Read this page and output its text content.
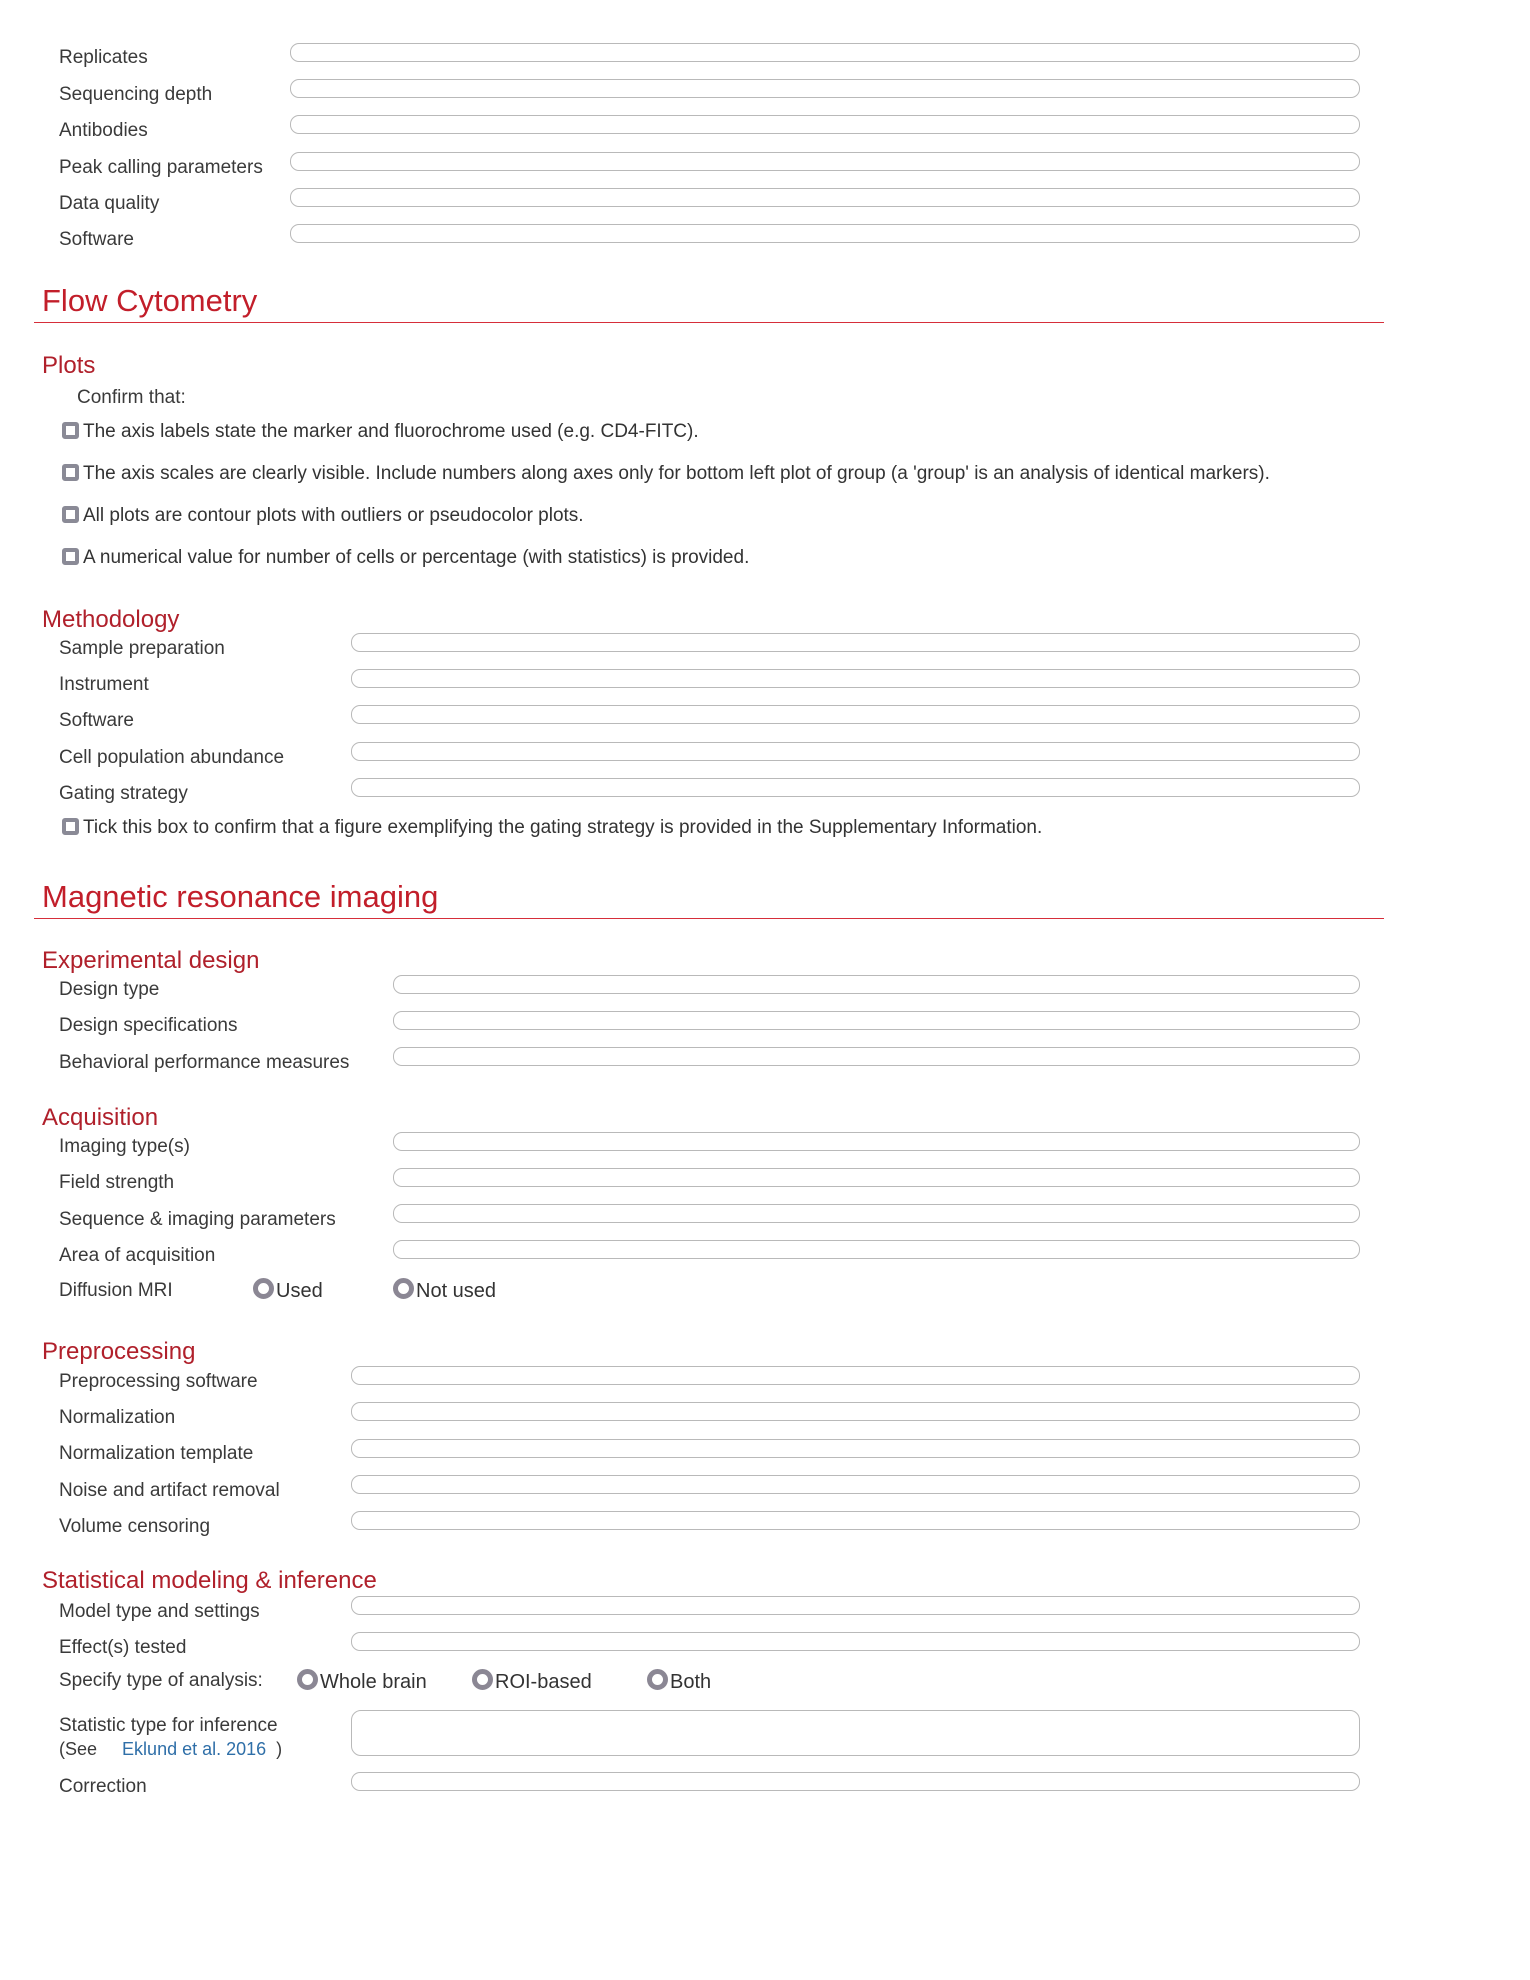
Replicates
Sequencing depth
Antibodies
Peak calling parameters
Data quality
Software
Flow Cytometry
Plots
Confirm that:
The axis labels state the marker and fluorochrome used (e.g. CD4-FITC).
The axis scales are clearly visible. Include numbers along axes only for bottom left plot of group (a 'group' is an analysis of identical markers).
All plots are contour plots with outliers or pseudocolor plots.
A numerical value for number of cells or percentage (with statistics) is provided.
Methodology
Sample preparation
Instrument
Software
Cell population abundance
Gating strategy
Tick this box to confirm that a figure exemplifying the gating strategy is provided in the Supplementary Information.
Magnetic resonance imaging
Experimental design
Design type
Design specifications
Behavioral performance measures
Acquisition
Imaging type(s)
Field strength
Sequence & imaging parameters
Area of acquisition
Diffusion MRI	Used	Not used
Preprocessing
Preprocessing software
Normalization
Normalization template
Noise and artifact removal
Volume censoring
Statistical modeling & inference
Model type and settings
Effect(s) tested
Specify type of analysis:	Whole brain	ROI-based	Both
Statistic type for inference
(See Eklund et al. 2016 )
Correction
